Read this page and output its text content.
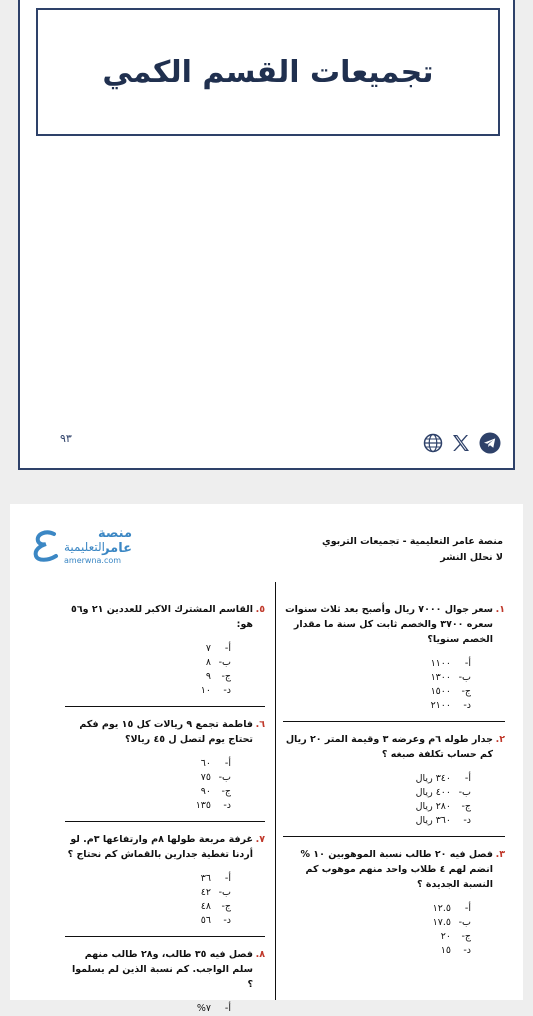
تجميعات القسم الكمي
٩٣
منصة عامر
التعليمية
amerwna.com
منصة عامر التعليمية - تجميعات التربوي
لا نحلل النشر
١.
سعر جوال ٧٠٠٠ ريال وأصبح بعد ثلاث سنوات سعره ٣٧٠٠ والخصم ثابت كل سنة ما مقدار الخصم سنويا؟
أ-
١١٠٠
ب-
١٣٠٠
ج-
١٥٠٠
د-
٢١٠٠
٢.
جدار طوله ٦م وعرضه ٣ وقيمة المتر ٢٠ ريال كم حساب تكلفة صبغه ؟
أ-
٣٤٠ ريال
ب-
٤٠٠ ريال
ج-
٢٨٠ ريال
د-
٣٦٠ ريال
٣.
فصل فيه ٢٠ طالب نسبة الموهوبين ١٠ % انضم لهم ٤ طلاب واحد منهم موهوب كم النسبة الجديدة ؟
أ-
١٢.٥
ب-
١٧.٥
ج-
٢٠
د-
١٥
٥.
القاسم المشترك الاكبر للعددين ٢١ و٥٦ هو:
أ-
٧
ب-
٨
ج-
٩
د-
١٠
٦.
فاطمة تجمع ٩ ريالات كل ١٥ يوم فكم تحتاج يوم لتصل ل ٤٥ ريالا؟
أ-
٦٠
ب-
٧٥
ج-
٩٠
د-
١٣٥
٧.
غرفة مربعة طولها ٨م وارتفاعها ٣م. لو أردنا تغطية جدارين بالقماش كم نحتاج ؟
أ-
٣٦
ب-
٤٢
ج-
٤٨
د-
٥٦
٨.
فصل فيه ٣٥ طالب، و٢٨ طالب منهم سلم الواجب. كم نسبة الذين لم يسلموا ؟
أ-
٧%
